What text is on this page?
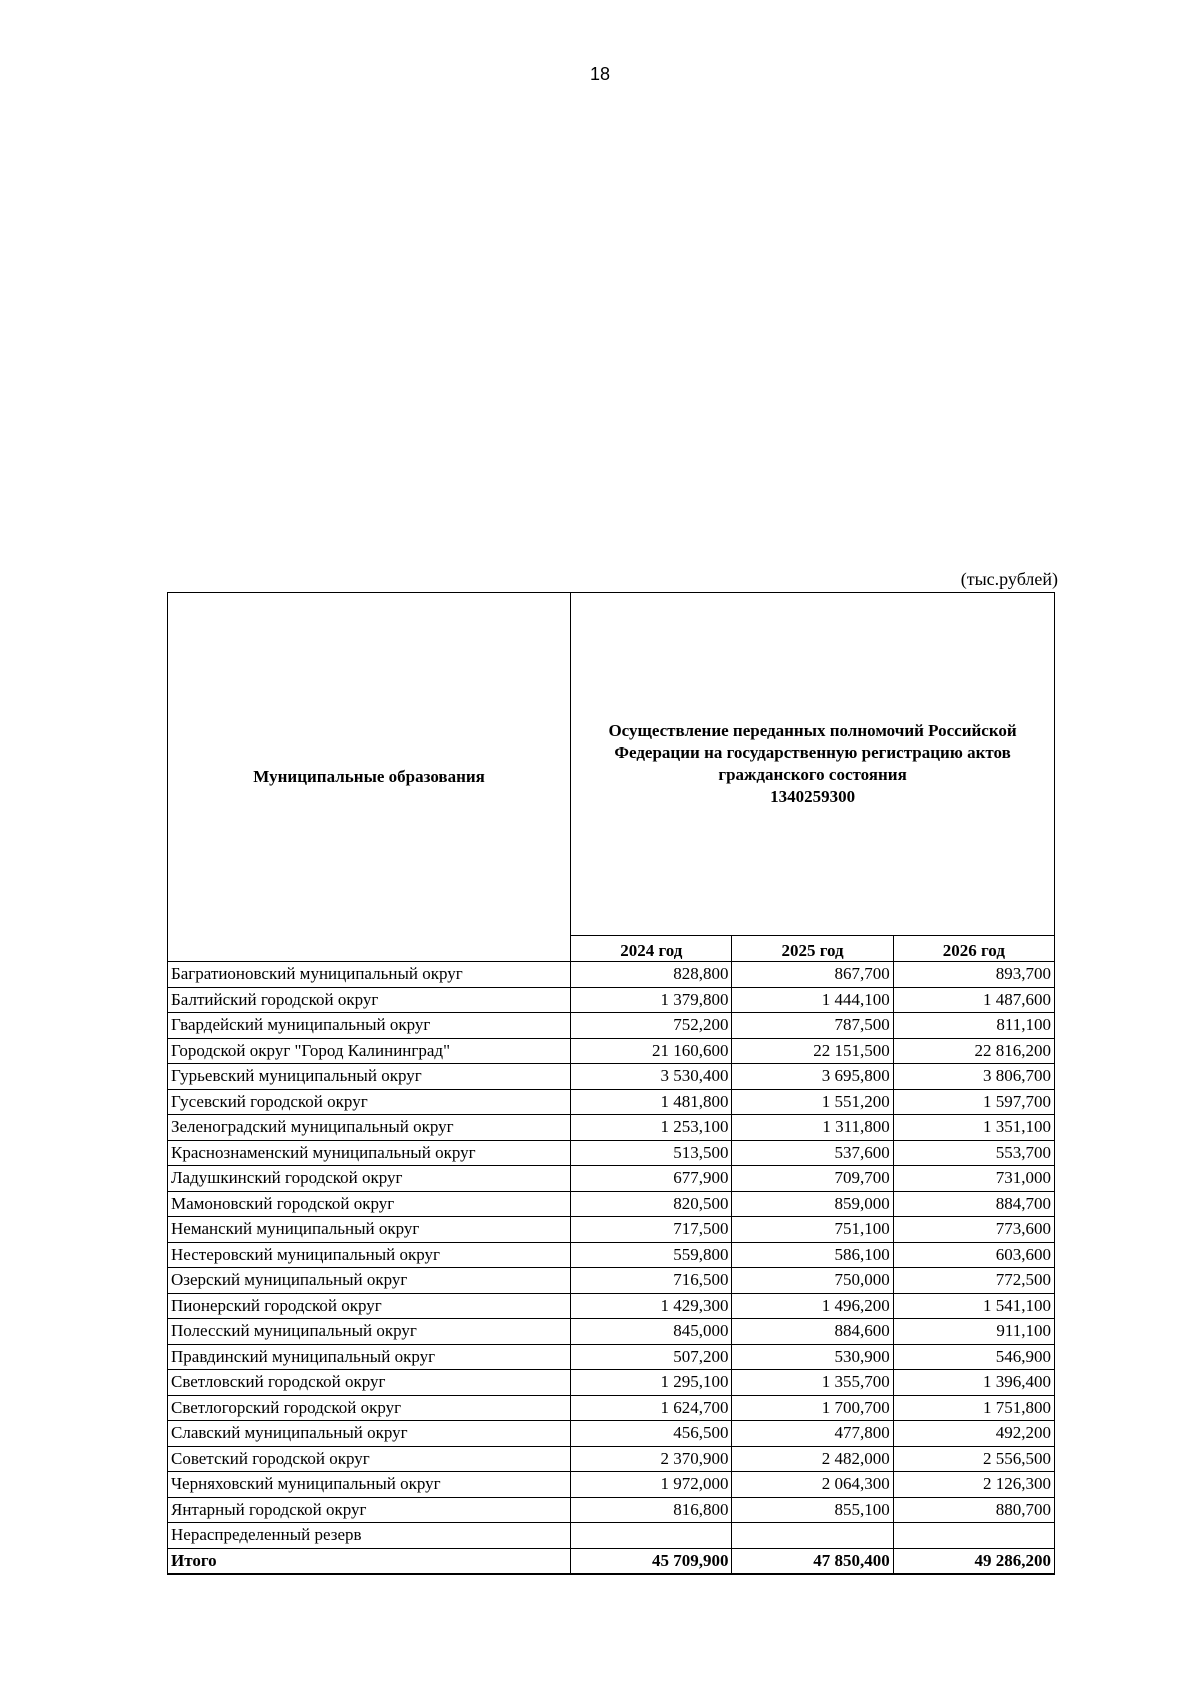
18
(тыс.рублей)
Муниципальные образования	Осуществление переданных полномочий Российской
Федерации на государственную регистрацию актов
гражданского состояния
1340259300		
	2024 год	2025 год	2026 год
Багратионовский муниципальный округ	828,800	867,700	893,700
Балтийский городской округ	1 379,800	1 444,100	1 487,600
Гвардейский муниципальный округ	752,200	787,500	811,100
Городской округ "Город Калининград"	21 160,600	22 151,500	22 816,200
Гурьевский муниципальный округ	3 530,400	3 695,800	3 806,700
Гусевский городской округ	1 481,800	1 551,200	1 597,700
Зеленоградский муниципальный округ	1 253,100	1 311,800	1 351,100
Краснознаменский муниципальный округ	513,500	537,600	553,700
Ладушкинский городской округ	677,900	709,700	731,000
Мамоновский городской округ	820,500	859,000	884,700
Неманский муниципальный округ	717,500	751,100	773,600
Нестеровский муниципальный округ	559,800	586,100	603,600
Озерский муниципальный округ	716,500	750,000	772,500
Пионерский городской округ	1 429,300	1 496,200	1 541,100
Полесский муниципальный округ	845,000	884,600	911,100
Правдинский муниципальный округ	507,200	530,900	546,900
Светловский городской округ	1 295,100	1 355,700	1 396,400
Светлогорский городской округ	1 624,700	1 700,700	1 751,800
Славский муниципальный округ	456,500	477,800	492,200
Советский городской округ	2 370,900	2 482,000	2 556,500
Черняховский муниципальный округ	1 972,000	2 064,300	2 126,300
Янтарный городской округ	816,800	855,100	880,700
Нераспределенный резерв			
Итого	45 709,900	47 850,400	49 286,200
